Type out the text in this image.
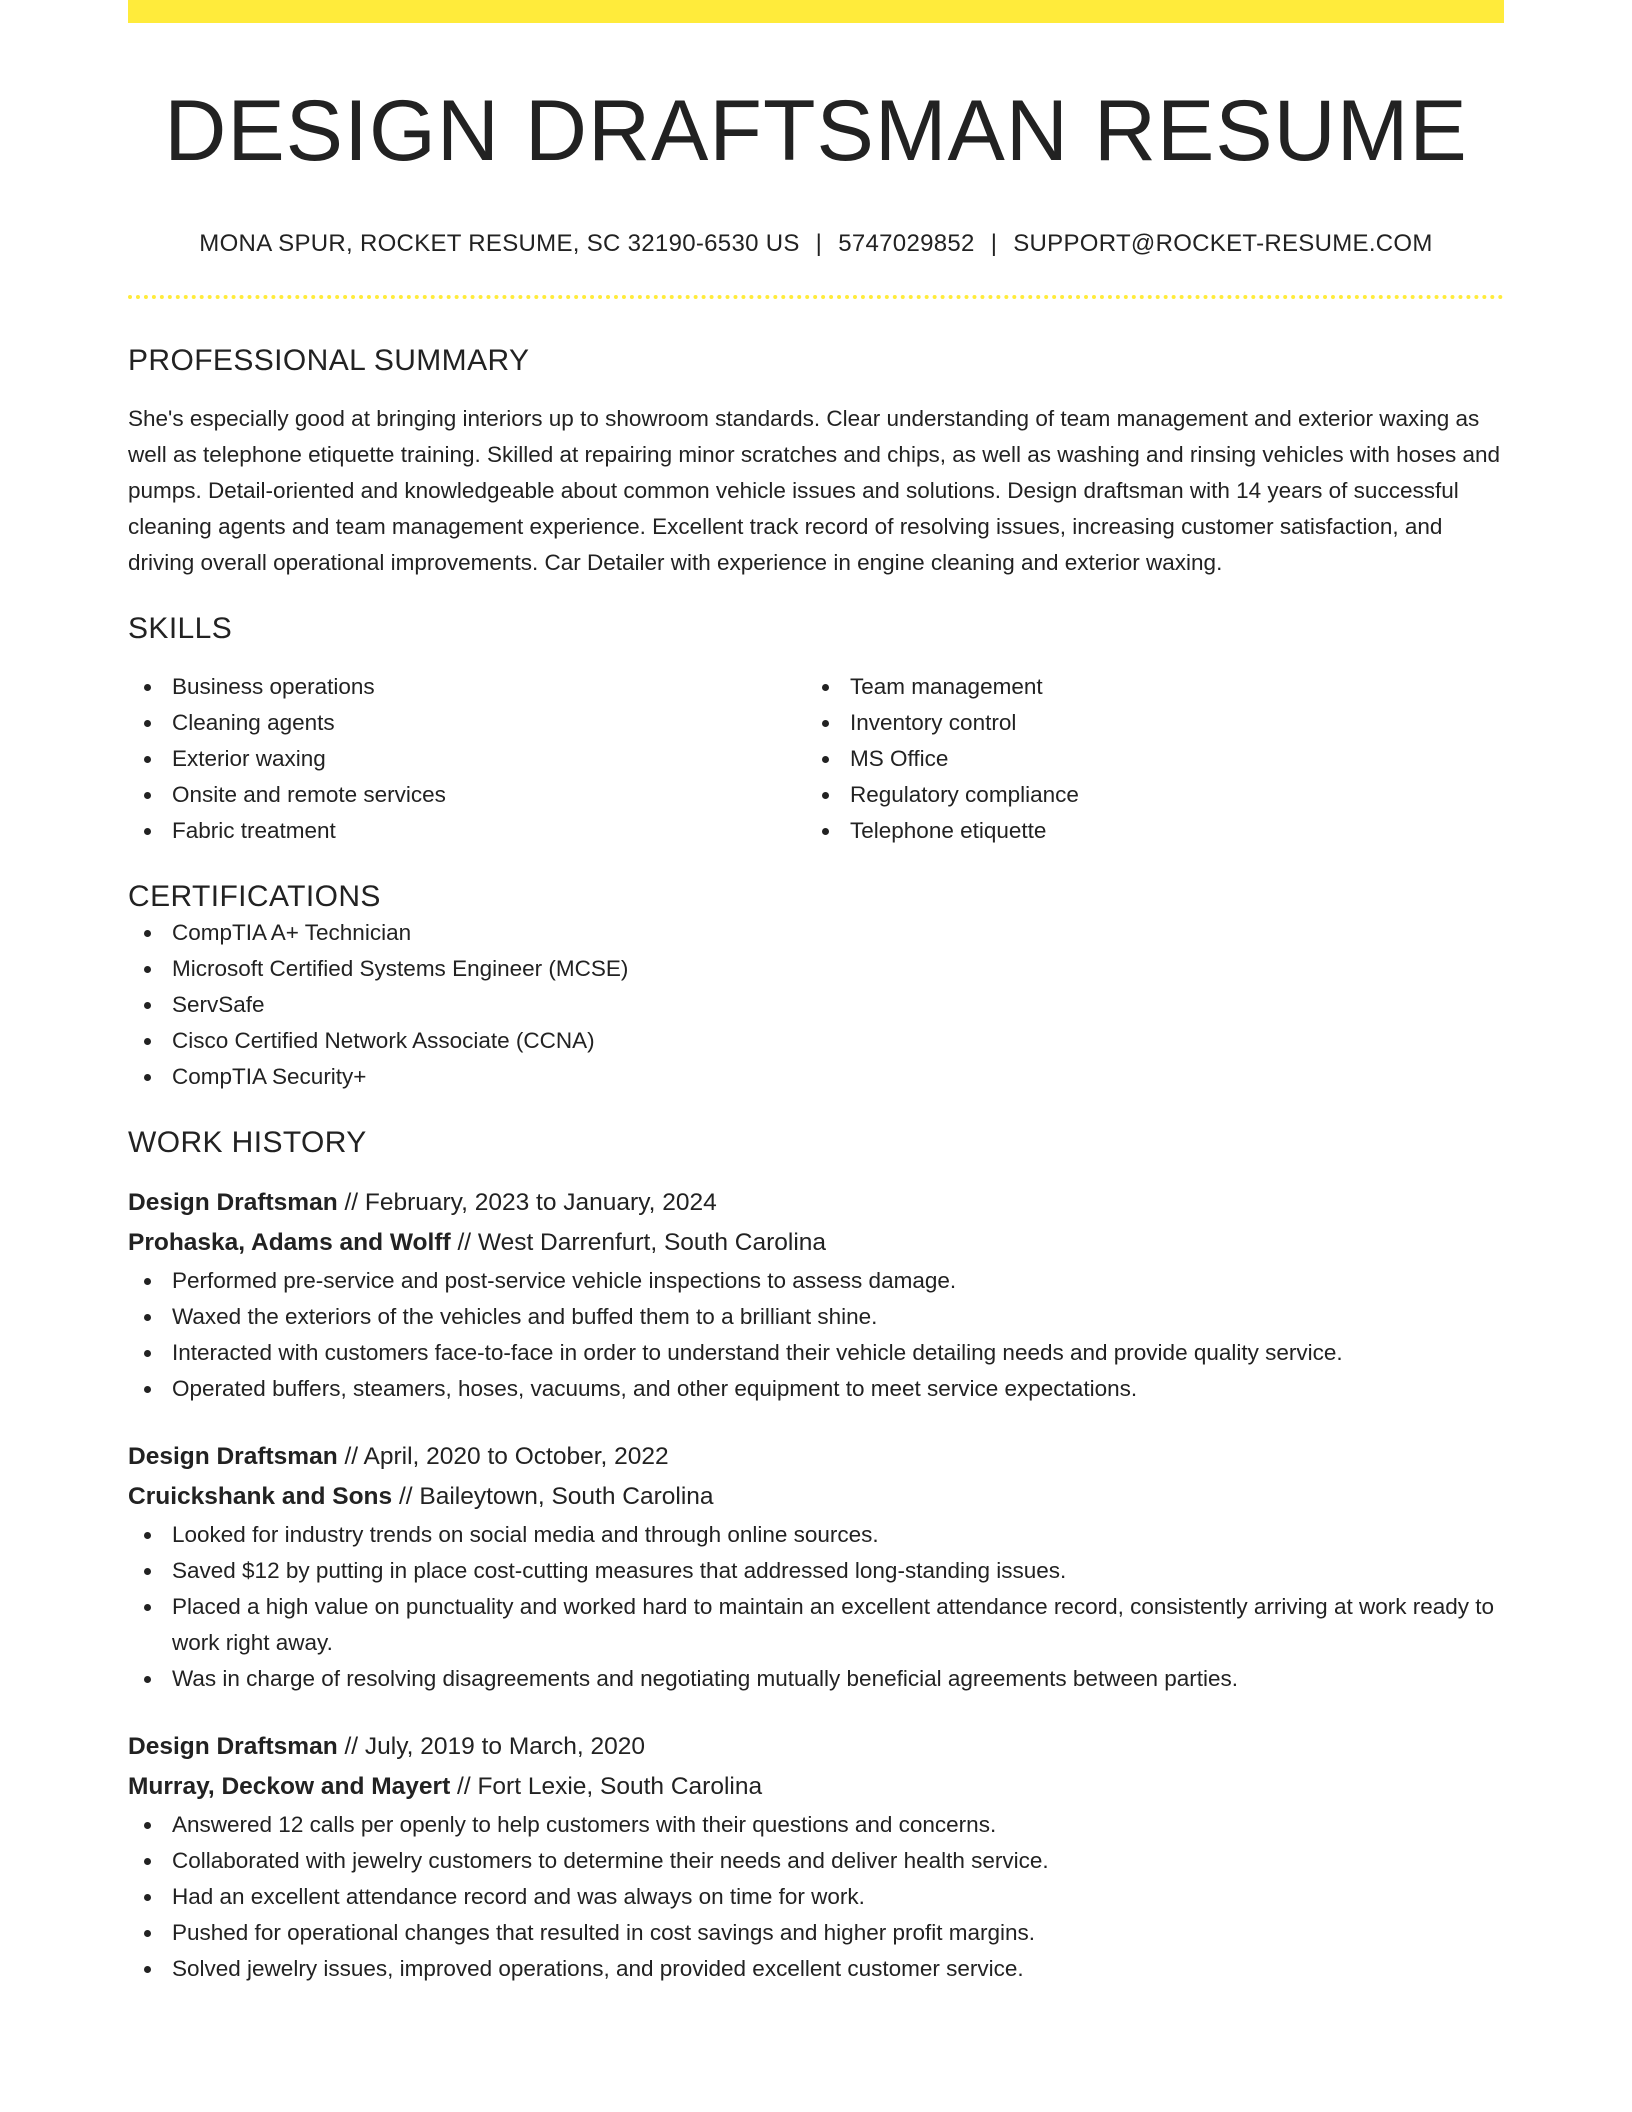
DESIGN DRAFTSMAN RESUME
MONA SPUR, ROCKET RESUME, SC 32190-6530 US | 5747029852 | SUPPORT@ROCKET-RESUME.COM
PROFESSIONAL SUMMARY
She's especially good at bringing interiors up to showroom standards. Clear understanding of team management and exterior waxing as well as telephone etiquette training. Skilled at repairing minor scratches and chips, as well as washing and rinsing vehicles with hoses and pumps. Detail-oriented and knowledgeable about common vehicle issues and solutions. Design draftsman with 14 years of successful cleaning agents and team management experience. Excellent track record of resolving issues, increasing customer satisfaction, and driving overall operational improvements. Car Detailer with experience in engine cleaning and exterior waxing.
SKILLS
Business operations
Cleaning agents
Exterior waxing
Onsite and remote services
Fabric treatment
Team management
Inventory control
MS Office
Regulatory compliance
Telephone etiquette
CERTIFICATIONS
CompTIA A+ Technician
Microsoft Certified Systems Engineer (MCSE)
ServSafe
Cisco Certified Network Associate (CCNA)
CompTIA Security+
WORK HISTORY
Design Draftsman // February, 2023 to January, 2024
Prohaska, Adams and Wolff // West Darrenfurt, South Carolina
Performed pre-service and post-service vehicle inspections to assess damage.
Waxed the exteriors of the vehicles and buffed them to a brilliant shine.
Interacted with customers face-to-face in order to understand their vehicle detailing needs and provide quality service.
Operated buffers, steamers, hoses, vacuums, and other equipment to meet service expectations.
Design Draftsman // April, 2020 to October, 2022
Cruickshank and Sons // Baileytown, South Carolina
Looked for industry trends on social media and through online sources.
Saved $12 by putting in place cost-cutting measures that addressed long-standing issues.
Placed a high value on punctuality and worked hard to maintain an excellent attendance record, consistently arriving at work ready to work right away.
Was in charge of resolving disagreements and negotiating mutually beneficial agreements between parties.
Design Draftsman // July, 2019 to March, 2020
Murray, Deckow and Mayert // Fort Lexie, South Carolina
Answered 12 calls per openly to help customers with their questions and concerns.
Collaborated with jewelry customers to determine their needs and deliver health service.
Had an excellent attendance record and was always on time for work.
Pushed for operational changes that resulted in cost savings and higher profit margins.
Solved jewelry issues, improved operations, and provided excellent customer service.
